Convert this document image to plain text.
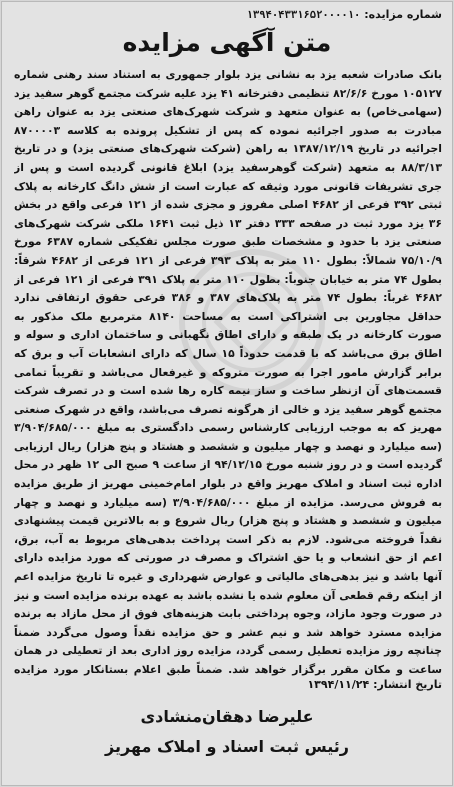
شماره مزایده: ۱۳۹۴۰۴۳۳۱۶۵۲۰۰۰۰۱۰
متن آگهی مزایده
بانک صادرات شعبه یزد به نشانی یزد بلوار جمهوری به استناد سند رهنی شماره ۱۰۵۱۲۷ مورخ ۸۲/۶/۶ تنظیمی دفترخانه ۴۱ یزد علیه شرکت مجتمع گوهر سفید یزد (سهامی‌خاص) به عنوان متعهد و شرکت شهرک‌های صنعتی یزد به عنوان راهن مبادرت به صدور اجرائیه نموده که پس از تشکیل پرونده به کلاسه ۸۷۰۰۰۰۳ اجرائیه در تاریخ ۱۳۸۷/۱۲/۱۹ به راهن (شرکت شهرک‌های صنعتی یزد) و در تاریخ ۸۸/۳/۱۳ به متعهد (شرکت گوهرسفید یزد) ابلاغ قانونی گردیده است و پس از جری تشریفات قانونی مورد وثیقه که عبارت است از شش دانگ کارخانه به پلاک ثبتی ۳۹۲ فرعی از ۴۶۸۲ اصلی مفروز و مجزی شده از ۱۲۱ فرعی واقع در بخش ۳۶ یزد مورد ثبت در صفحه ۳۳۳ دفتر ۱۳ ذیل ثبت ۱۶۴۱ ملکی شرکت شهرک‌های صنعتی یزد با حدود و مشخصات طبق صورت مجلس تفکیکی شماره ۶۳۸۷ مورخ ۷۵/۱۰/۹ شمالاً: بطول ۱۱۰ متر به پلاک ۳۹۳ فرعی از ۱۲۱ فرعی از ۴۶۸۲ شرقاً: بطول ۷۴ متر به خیابان جنوباً: بطول ۱۱۰ متر به پلاک ۳۹۱ فرعی از ۱۲۱ فرعی از ۴۶۸۲ غرباً: بطول ۷۴ متر به پلاک‌های ۳۸۷ و ۳۸۶ فرعی حقوق ارتفاقی ندارد حداقل مجاورین بی اشتراکی است به مساحت ۸۱۴۰ مترمربع ملک مذکور به صورت کارخانه در یک طبقه و دارای اطاق نگهبانی و ساختمان اداری و سوله و اطاق برق می‌باشد که با قدمت حدوداً ۱۵ سال که دارای انشعابات آب و برق که برابر گزارش مامور اجرا به صورت متروکه و غیرفعال می‌باشد و تقریباً تمامی قسمت‌های آن ازنظر ساخت و ساز نیمه کاره رها شده است و در تصرف شرکت مجتمع گوهر سفید یزد و خالی از هرگونه تصرف می‌باشد، واقع در شهرک صنعتی مهریز که به موجب ارزیابی کارشناس رسمی دادگستری به مبلغ ۳/۹۰۴/۶۸۵/۰۰۰ (سه میلیارد و نهصد و چهار میلیون و ششصد و هشتاد و پنج هزار) ریال ارزیابی گردیده است و در روز شنبه مورخ ۹۴/۱۲/۱۵ از ساعت ۹ صبح الی ۱۲ ظهر در محل اداره ثبت اسناد و املاک مهریز واقع در بلوار امام‌خمینی مهریز از طریق مزایده به فروش می‌رسد. مزایده از مبلغ ۳/۹۰۴/۶۸۵/۰۰۰ (سه میلیارد و نهصد و چهار میلیون و ششصد و هشتاد و پنج هزار) ریال شروع و به بالاترین قیمت پیشنهادی نقداً فروخته می‌شود. لازم به ذکر است پرداخت بدهی‌های مربوط به آب، برق، اعم از حق انشعاب و یا حق اشتراک و مصرف در صورتی که مورد مزایده دارای آنها باشد و نیز بدهی‌های مالیاتی و عوارض شهرداری و غیره تا تاریخ مزایده اعم از اینکه رقم قطعی آن معلوم شده یا نشده باشد به عهده برنده مزایده است و نیز در صورت وجود مازاد، وجوه پرداختی بابت هزینه‌های فوق از محل مازاد به برنده مزایده مسترد خواهد شد و نیم عشر و حق مزایده نقداً وصول می‌گردد ضمناً چنانچه روز مزایده تعطیل رسمی گردد، مزایده روز اداری بعد از تعطیلی در همان ساعت و مکان مقرر برگزار خواهد شد. ضمناً طبق اعلام بستانکار مورد مزایده
تاریخ انتشار: ۱۳۹۴/۱۱/۲۴
علیرضا دهقان‌منشادی
رئیس ثبت اسناد و املاک مهریز
